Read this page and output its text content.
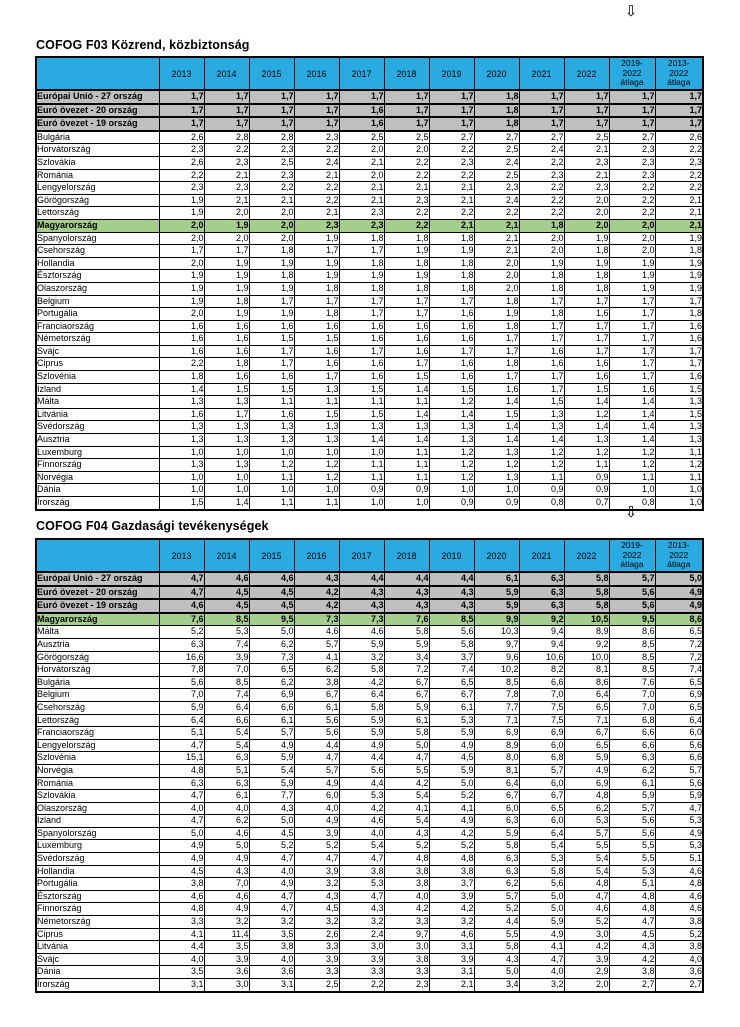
⇩
COFOG F03 Közrend, közbiztonság
	2013	2014	2015	2016	2017	2018	2019	2020	2021	2022	2019-
2022
átlaga	2013-
2022
átlaga
Európai Unió - 27 ország	1,7	1,7	1,7	1,7	1,7	1,7	1,7	1,8	1,7	1,7	1,7	1,7
Euró övezet - 20 ország	1,7	1,7	1,7	1,7	1,6	1,7	1,7	1,8	1,7	1,7	1,7	1,7
Euró övezet - 19 ország	1,7	1,7	1,7	1,7	1,6	1,7	1,7	1,8	1,7	1,7	1,7	1,7
Bulgária	2,6	2,8	2,8	2,3	2,5	2,5	2,7	2,7	2,7	2,5	2,7	2,6
Horvátország	2,3	2,2	2,3	2,2	2,0	2,0	2,2	2,5	2,4	2,1	2,3	2,2
Szlovákia	2,6	2,3	2,5	2,4	2,1	2,2	2,3	2,4	2,2	2,3	2,3	2,3
Románia	2,2	2,1	2,3	2,1	2,0	2,2	2,2	2,5	2,3	2,1	2,3	2,2
Lengyelország	2,3	2,3	2,2	2,2	2,1	2,1	2,1	2,3	2,2	2,3	2,2	2,2
Görögország	1,9	2,1	2,1	2,2	2,1	2,3	2,1	2,4	2,2	2,0	2,2	2,1
Lettország	1,9	2,0	2,0	2,1	2,3	2,2	2,2	2,2	2,2	2,0	2,2	2,1
Magyarország	2,0	1,9	2,0	2,3	2,3	2,2	2,1	2,1	1,8	2,0	2,0	2,1
Spanyolország	2,0	2,0	2,0	1,9	1,8	1,8	1,8	2,1	2,0	1,9	2,0	1,9
Csehország	1,7	1,7	1,8	1,7	1,7	1,9	1,9	2,1	2,0	1,8	2,0	1,8
Hollandia	2,0	1,9	1,9	1,9	1,8	1,8	1,8	2,0	1,9	1,9	1,9	1,9
Észtország	1,9	1,9	1,8	1,9	1,9	1,9	1,8	2,0	1,8	1,8	1,9	1,9
Olaszország	1,9	1,9	1,9	1,8	1,8	1,8	1,8	2,0	1,8	1,8	1,9	1,9
Belgium	1,9	1,8	1,7	1,7	1,7	1,7	1,7	1,8	1,7	1,7	1,7	1,7
Portugália	2,0	1,9	1,9	1,8	1,7	1,7	1,6	1,9	1,8	1,6	1,7	1,8
Franciaország	1,6	1,6	1,6	1,6	1,6	1,6	1,6	1,8	1,7	1,7	1,7	1,6
Németország	1,6	1,6	1,5	1,5	1,6	1,6	1,6	1,7	1,7	1,7	1,7	1,6
Svájc	1,6	1,6	1,7	1,6	1,7	1,6	1,7	1,7	1,6	1,7	1,7	1,7
Ciprus	2,2	1,8	1,7	1,6	1,6	1,7	1,6	1,8	1,6	1,6	1,7	1,7
Szlovénia	1,8	1,6	1,6	1,7	1,6	1,5	1,6	1,7	1,7	1,6	1,7	1,6
Izland	1,4	1,5	1,5	1,3	1,5	1,4	1,5	1,6	1,7	1,5	1,6	1,5
Málta	1,3	1,3	1,1	1,1	1,1	1,1	1,2	1,4	1,5	1,4	1,4	1,3
Litvánia	1,6	1,7	1,6	1,5	1,5	1,4	1,4	1,5	1,3	1,2	1,4	1,5
Svédország	1,3	1,3	1,3	1,3	1,3	1,3	1,3	1,4	1,3	1,4	1,4	1,3
Ausztria	1,3	1,3	1,3	1,3	1,4	1,4	1,3	1,4	1,4	1,3	1,4	1,3
Luxemburg	1,0	1,0	1,0	1,0	1,0	1,1	1,2	1,3	1,2	1,2	1,2	1,1
Finnország	1,3	1,3	1,2	1,2	1,1	1,1	1,2	1,2	1,2	1,1	1,2	1,2
Norvégia	1,0	1,0	1,1	1,2	1,1	1,1	1,2	1,3	1,1	0,9	1,1	1,1
Dánia	1,0	1,0	1,0	1,0	0,9	0,9	1,0	1,0	0,9	0,9	1,0	1,0
Írország	1,5	1,4	1,1	1,1	1,0	1,0	0,9	0,9	0,8	0,7	0,8	1,0
⇩
COFOG F04 Gazdasági tevékenységek
	2013	2014	2015	2016	2017	2018	2019	2020	2021	2022	2019-
2022
átlaga	2013-
2022
átlaga
Európai Unió - 27 ország	4,7	4,6	4,6	4,3	4,4	4,4	4,4	6,1	6,3	5,8	5,7	5,0
Euró övezet - 20 ország	4,7	4,5	4,5	4,2	4,3	4,3	4,3	5,9	6,3	5,8	5,6	4,9
Euró övezet - 19 ország	4,6	4,5	4,5	4,2	4,3	4,3	4,3	5,9	6,3	5,8	5,6	4,9
Magyarország	7,6	8,5	9,5	7,3	7,3	7,6	8,5	9,9	9,2	10,5	9,5	8,6
Málta	5,2	5,3	5,0	4,6	4,6	5,8	5,6	10,3	9,4	8,9	8,6	6,5
Ausztria	6,3	7,4	6,2	5,7	5,9	5,9	5,8	9,7	9,4	9,2	8,5	7,2
Görögország	16,6	3,9	7,3	4,1	3,2	3,4	3,7	9,6	10,6	10,0	8,5	7,2
Horvátország	7,8	7,0	6,5	6,2	5,8	7,2	7,4	10,2	8,2	8,1	8,5	7,4
Bulgária	5,6	8,5	6,2	3,8	4,2	6,7	6,5	8,5	6,6	8,6	7,6	6,5
Belgium	7,0	7,4	6,9	6,7	6,4	6,7	6,7	7,8	7,0	6,4	7,0	6,9
Csehország	5,9	6,4	6,6	6,1	5,8	5,9	6,1	7,7	7,5	6,5	7,0	6,5
Lettország	6,4	6,6	6,1	5,6	5,9	6,1	5,3	7,1	7,5	7,1	6,8	6,4
Franciaország	5,1	5,4	5,7	5,6	5,9	5,8	5,9	6,9	6,9	6,7	6,6	6,0
Lengyelország	4,7	5,4	4,9	4,4	4,9	5,0	4,9	8,9	6,0	6,5	6,6	5,6
Szlovénia	15,1	6,3	5,9	4,7	4,4	4,7	4,5	8,0	6,8	5,9	6,3	6,6
Norvégia	4,8	5,1	5,4	5,7	5,6	5,5	5,9	8,1	5,7	4,9	6,2	5,7
Románia	6,3	6,3	5,9	4,9	4,4	4,2	5,0	6,4	6,0	6,9	6,1	5,6
Szlovákia	4,7	6,1	7,7	6,0	5,3	5,4	5,2	6,7	6,7	4,8	5,9	5,9
Olaszország	4,0	4,0	4,3	4,0	4,2	4,1	4,1	6,0	6,5	6,2	5,7	4,7
Izland	4,7	6,2	5,0	4,9	4,6	5,4	4,9	6,3	6,0	5,3	5,6	5,3
Spanyolország	5,0	4,6	4,5	3,9	4,0	4,3	4,2	5,9	6,4	5,7	5,6	4,9
Luxemburg	4,9	5,0	5,2	5,2	5,4	5,2	5,2	5,8	5,4	5,5	5,5	5,3
Svédország	4,9	4,9	4,7	4,7	4,7	4,8	4,8	6,3	5,3	5,4	5,5	5,1
Hollandia	4,5	4,3	4,0	3,9	3,8	3,8	3,8	6,3	5,8	5,4	5,3	4,6
Portugália	3,8	7,0	4,9	3,2	5,3	3,8	3,7	6,2	5,6	4,8	5,1	4,8
Észtország	4,6	4,6	4,7	4,3	4,7	4,0	3,9	5,7	5,0	4,7	4,8	4,6
Finnország	4,8	4,9	4,7	4,5	4,3	4,2	4,2	5,2	5,0	4,6	4,8	4,6
Németország	3,3	3,2	3,2	3,2	3,2	3,3	3,2	4,4	5,9	5,2	4,7	3,8
Ciprus	4,1	11,4	3,5	2,6	2,4	9,7	4,6	5,5	4,9	3,0	4,5	5,2
Litvánia	4,4	3,5	3,8	3,3	3,0	3,0	3,1	5,8	4,1	4,2	4,3	3,8
Svájc	4,0	3,9	4,0	3,9	3,9	3,8	3,9	4,3	4,7	3,9	4,2	4,0
Dánia	3,5	3,6	3,6	3,3	3,3	3,3	3,1	5,0	4,0	2,9	3,8	3,6
Írország	3,1	3,0	3,1	2,5	2,2	2,3	2,1	3,4	3,2	2,0	2,7	2,7
